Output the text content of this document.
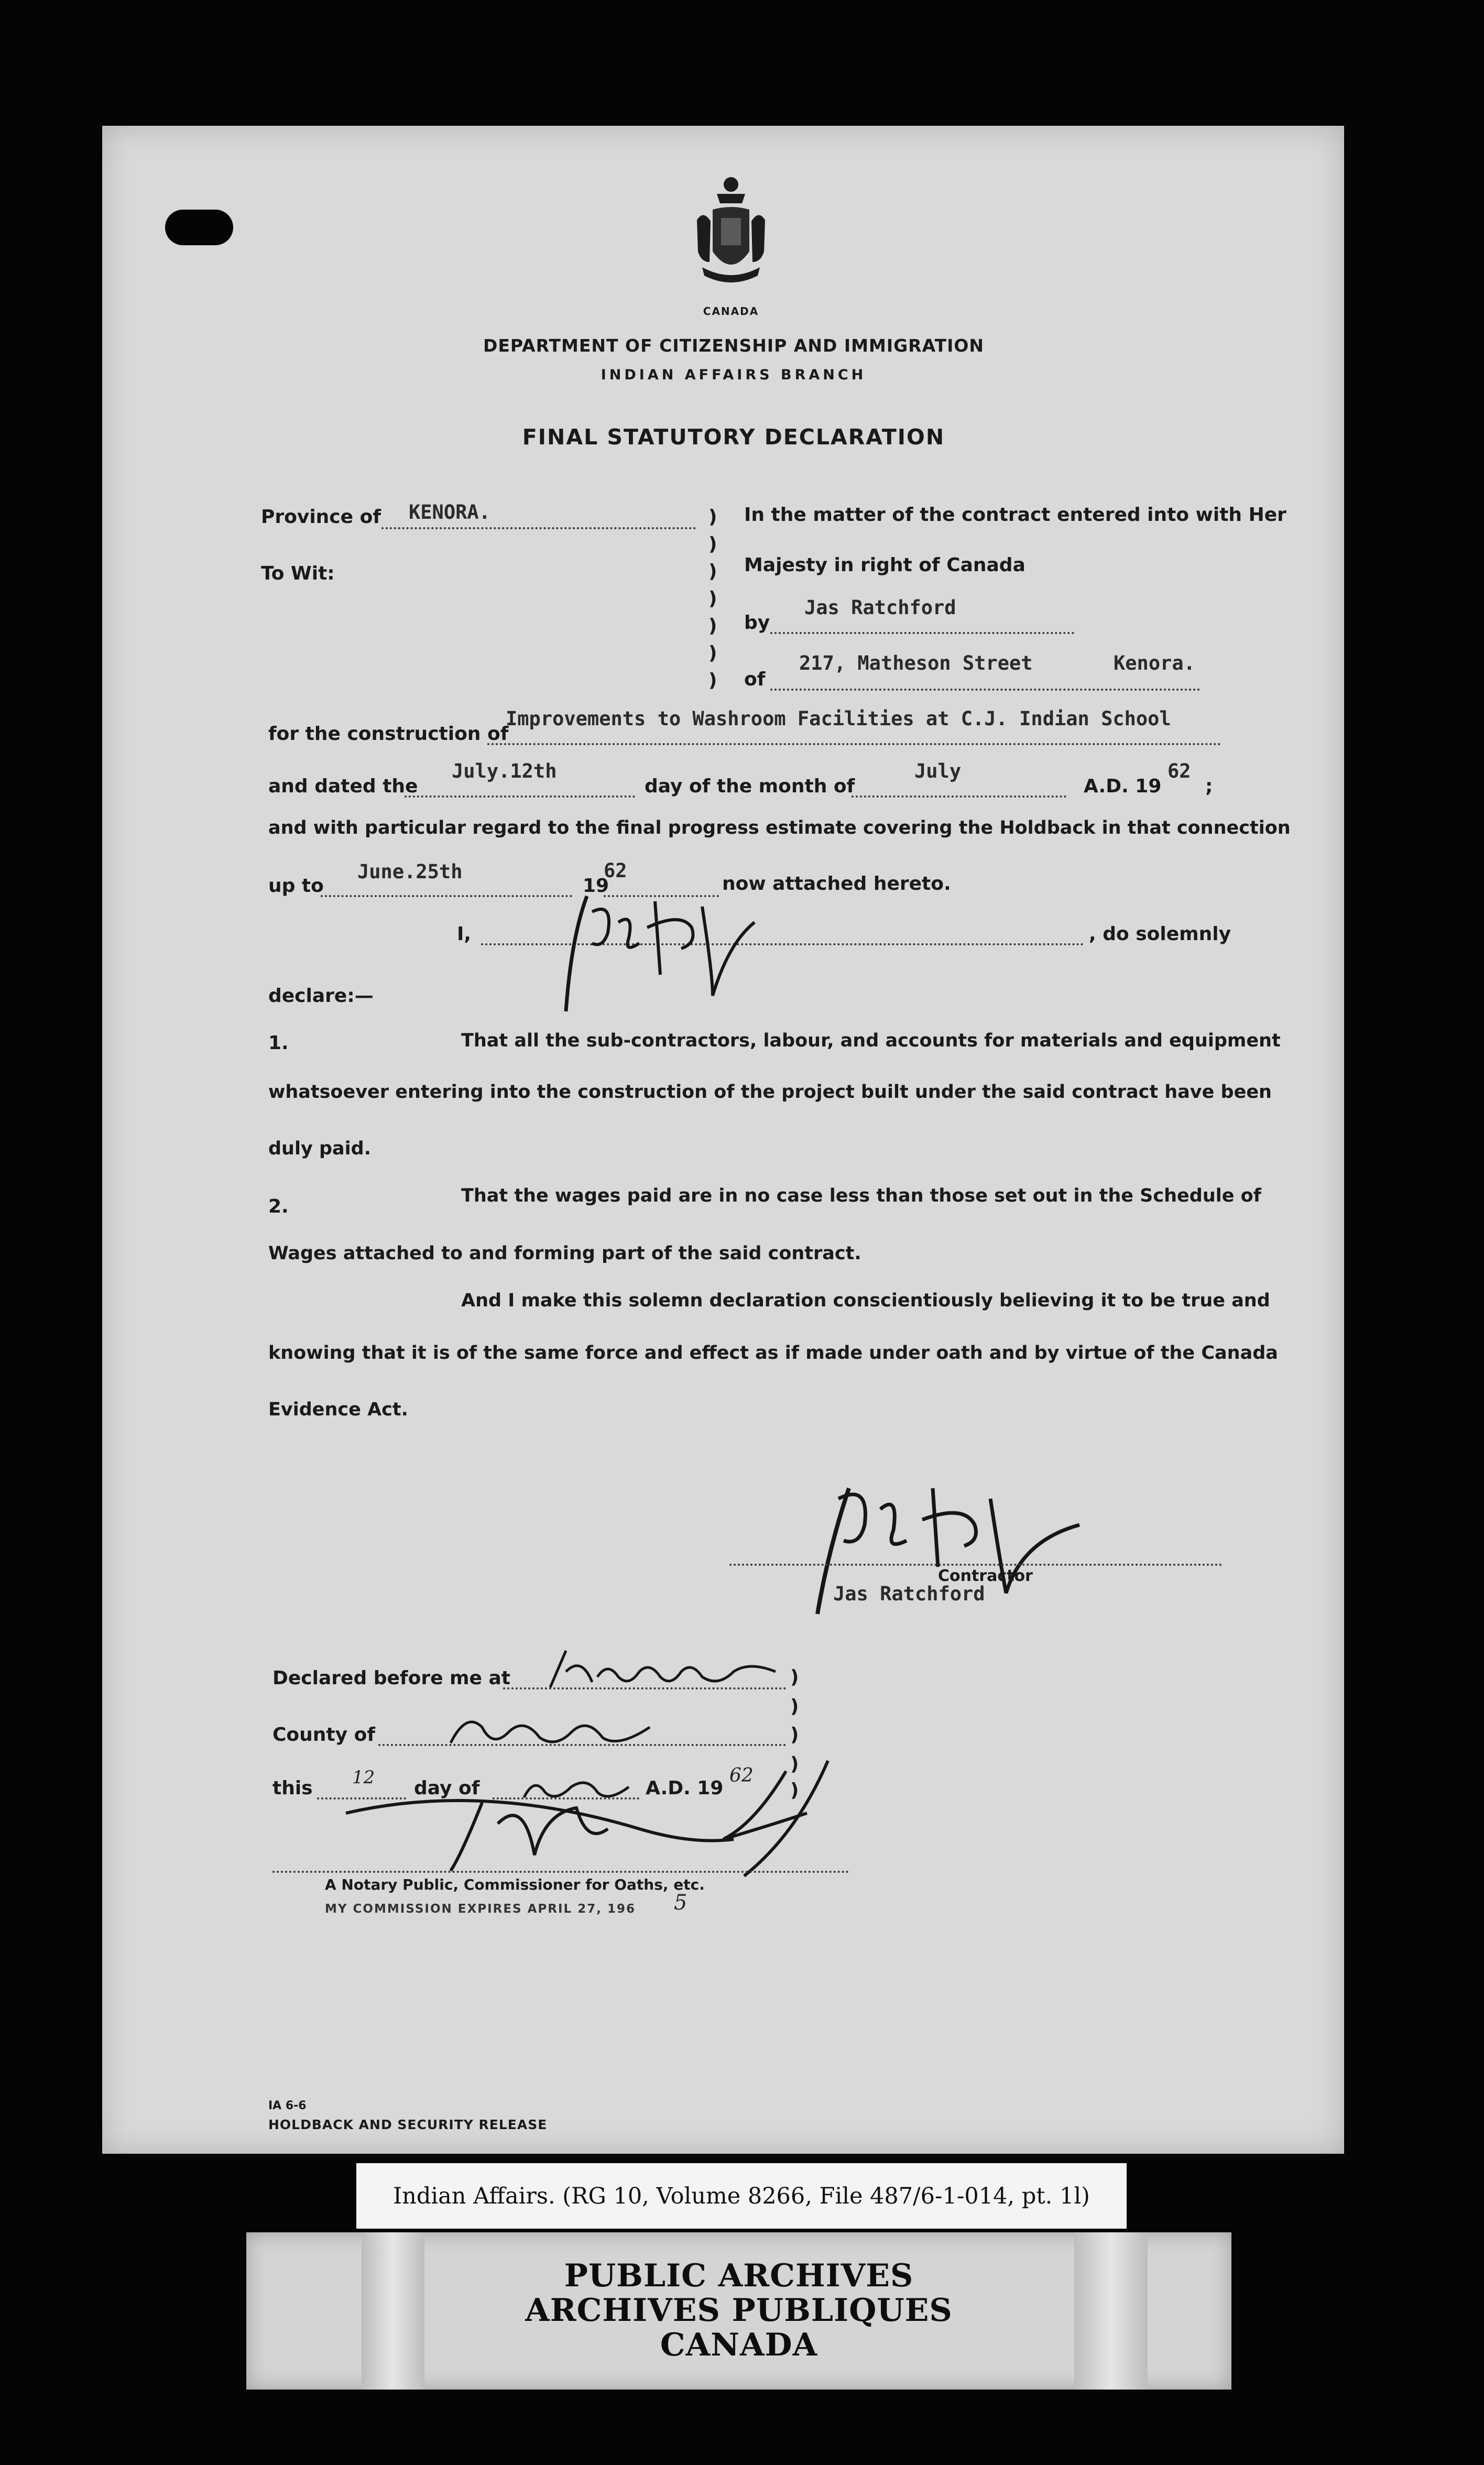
CANADA
DEPARTMENT OF CITIZENSHIP AND IMMIGRATION
INDIAN AFFAIRS BRANCH
FINAL STATUTORY DECLARATION
Province of KENORA.
To Wit:
)
)
)
)
)
)
)
In the matter of the contract entered into with Her
Majesty in right of Canada
by
Jas Ratchford
of
217, Matheson Street	Kenora.
for the construction of
Improvements to Washroom Facilities at C.J. Indian School
and dated the
July.12th
day of the month of
July
A.D. 19
62
;
and with particular regard to the final progress estimate covering the Holdback in that connection
up to
June.25th
19
62
now attached hereto.
I,	, do solemnly
declare:—
1.	That all the sub-contractors, labour, and accounts for materials and equipment
whatsoever entering into the construction of the project built under the said contract have been
duly paid.
2.	That the wages paid are in no case less than those set out in the Schedule of
Wages attached to and forming part of the said contract.
And I make this solemn declaration conscientiously believing it to be true and
knowing that it is of the same force and effect as if made under oath and by virtue of the Canada
Evidence Act.
Contractor
Jas Ratchford
Declared before me at
County of
this 12 day of	A.D. 19
62
)
)
)
)
)
A Notary Public, Commissioner for Oaths, etc.
MY COMMISSION EXPIRES APRIL 27, 196 5
IA 6-6
HOLDBACK AND SECURITY RELEASE
Indian Affairs. (RG 10, Volume 8266, File 487/6-1-014, pt. 1l)
PUBLIC ARCHIVES
ARCHIVES PUBLIQUES
CANADA
